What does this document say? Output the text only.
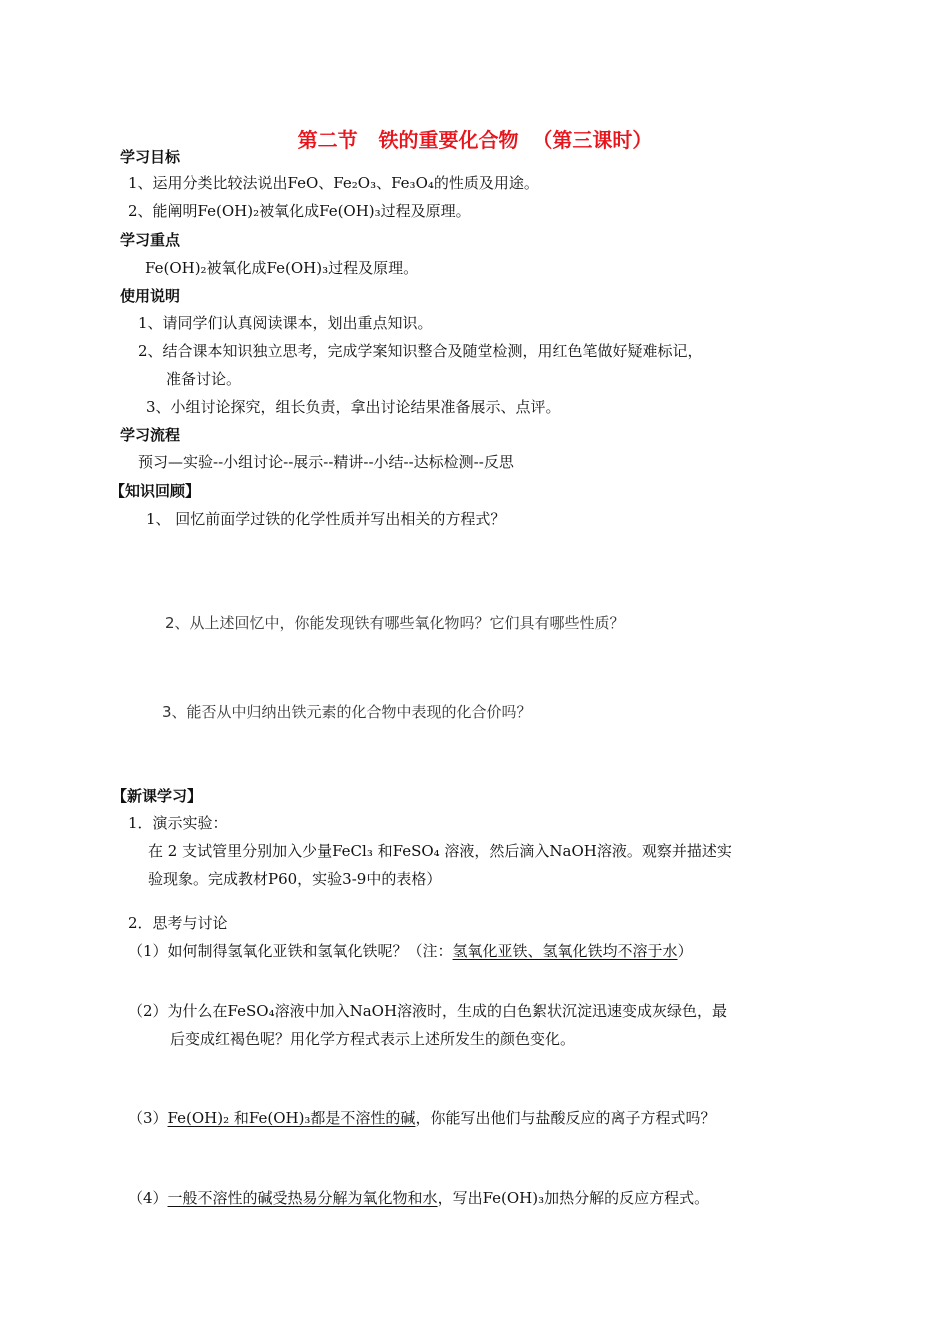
第二节   铁的重要化合物  （第三课时）
学习目标
1、运用分类比较法说出FeO、Fe₂O₃、Fe₃O₄的性质及用途。
2、能阐明Fe(OH)₂被氧化成Fe(OH)₃过程及原理。
学习重点
Fe(OH)₂被氧化成Fe(OH)₃过程及原理。
使用说明
1、请同学们认真阅读课本，划出重点知识。
2、结合课本知识独立思考，完成学案知识整合及随堂检测，用红色笔做好疑难标记，
准备讨论。
3、小组讨论探究，组长负责，拿出讨论结果准备展示、点评。
学习流程
预习—实验--小组讨论--展示--精讲--小结--达标检测--反思
【知识回顾】
1、 回忆前面学过铁的化学性质并写出相关的方程式？
2、从上述回忆中，你能发现铁有哪些氧化物吗？它们具有哪些性质？
3、能否从中归纳出铁元素的化合物中表现的化合价吗？
【新课学习】
1．演示实验：
在 2 支试管里分别加入少量FeCl₃ 和FeSO₄ 溶液，然后滴入NaOH溶液。观察并描述实
验现象。完成教材P60，实验3-9中的表格）
2．思考与讨论
（1）如何制得氢氧化亚铁和氢氧化铁呢？（注：氢氧化亚铁、氢氧化铁均不溶于水）
（2）为什么在FeSO₄溶液中加入NaOH溶液时，生成的白色絮状沉淀迅速变成灰绿色，最
后变成红褐色呢？用化学方程式表示上述所发生的颜色变化。
（3）Fe(OH)₂ 和Fe(OH)₃都是不溶性的碱，你能写出他们与盐酸反应的离子方程式吗？
（4）一般不溶性的碱受热易分解为氧化物和水，写出Fe(OH)₃加热分解的反应方程式。
